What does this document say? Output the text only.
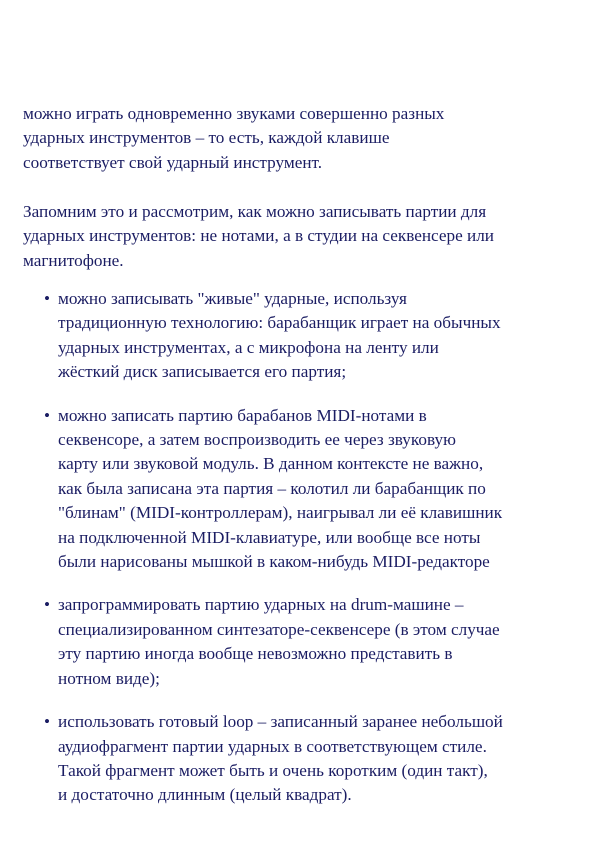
можно играть одновременно звуками совершенно разных
ударных инструментов – то есть, каждой клавише
соответствует свой ударный инструмент.
Запомним это и рассмотрим, как можно записывать партии для
ударных инструментов: не нотами, а в студии на секвенсере или
магнитофоне.
• можно записывать "живые" ударные, используя
традиционную технологию: барабанщик играет на обычных
ударных инструментах, а с микрофона на ленту или
жёсткий диск записывается его партия;
• можно записать партию барабанов MIDI-нотами в
секвенсоре, а затем воспроизводить ее через звуковую
карту или звуковой модуль. В данном контексте не важно,
как была записана эта партия – колотил ли барабанщик по
"блинам" (MIDI-контроллерам), наигрывал ли её клавишник
на подключенной MIDI-клавиатуре, или вообще все ноты
были нарисованы мышкой в каком-нибудь MIDI-редакторе
• запрограммировать партию ударных на drum-машине –
специализированном синтезаторе-секвенсере (в этом случае
эту партию иногда вообще невозможно представить в
нотном виде);
• использовать готовый loop – записанный заранее небольшой
аудиофрагмент партии ударных в соответствующем стиле.
Такой фрагмент может быть и очень коротким (один такт),
и достаточно длинным (целый квадрат).
